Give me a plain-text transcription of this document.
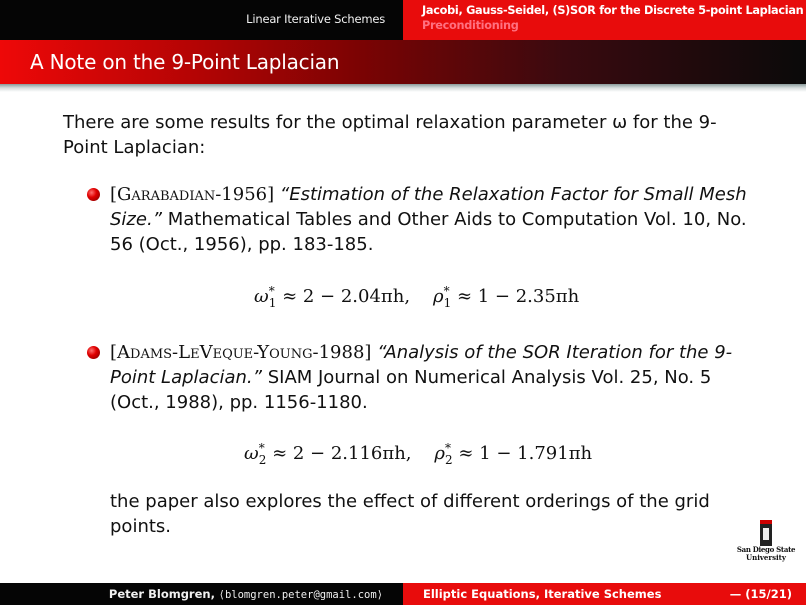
Linear Iterative Schemes
Jacobi, Gauss-Seidel, (S)SOR for the Discrete 5-point Laplacian
Preconditioning
A Note on the 9-Point Laplacian
There are some results for the optimal relaxation parameter ω for the 9-Point Laplacian:
[Garabadian-1956] “Estimation of the Relaxation Factor for Small Mesh Size.” Mathematical Tables and Other Aids to Computation Vol. 10, No. 56 (Oct., 1956), pp. 183-185.
$\omega^*_1 \approx 2 - 2.04\pi h$, $\rho^*_1 \approx 1 - 2.35\pi h$
[Adams-LeVeque-Young-1988] “Analysis of the SOR Iteration for the 9-Point Laplacian.” SIAM Journal on Numerical Analysis Vol. 25, No. 5 (Oct., 1988), pp. 1156-1180.
$\omega^*_2 \approx 2 - 2.116\pi h$, $\rho^*_2 \approx 1 - 1.791\pi h$
the paper also explores the effect of different orderings of the grid points.
San Diego State
University
Peter Blomgren, ⟨blomgren.peter@gmail.com⟩	Elliptic Equations, Iterative Schemes	— (15/21)
